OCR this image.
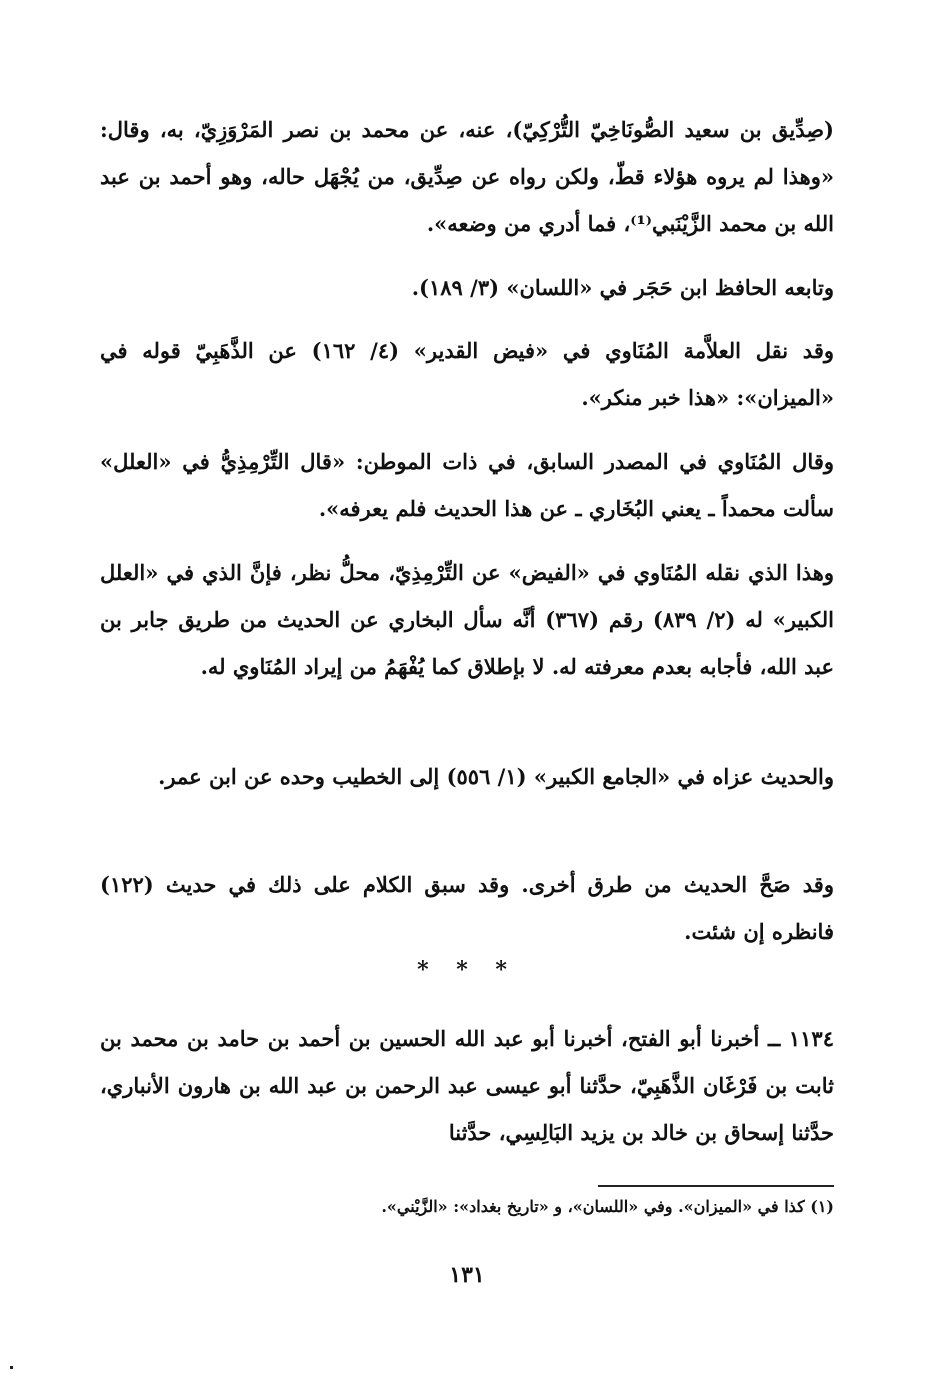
(صِدِّيق بن سعيد الصُّونَاخِيّ التُّرْكِيّ)، عنه، عن محمد بن نصر المَرْوَزِيّ، به، وقال: «وهذا لم يروه هؤلاء قطّ، ولكن رواه عن صِدِّيق، من يُجْهَل حاله، وهو أحمد بن عبد الله بن محمد الزَّيْنَبي⁽¹⁾، فما أدري من وضعه».

وتابعه الحافظ ابن حَجَر في «اللسان» (٣/ ١٨٩).

وقد نقل العلاَّمة المُنَاوي في «فيض القدير» (٤/ ١٦٢) عن الذَّهَبِيّ قوله في «الميزان»: «هذا خبر منكر».

وقال المُنَاوي في المصدر السابق، في ذات الموطن: «قال التِّرْمِذِيُّ في «العلل» سألت محمداً ـ يعني البُخَاري ـ عن هذا الحديث فلم يعرفه».

وهذا الذي نقله المُنَاوي في «الفيض» عن التِّرْمِذِيّ، محلُّ نظر، فإنَّ الذي في «العلل الكبير» له (٢/ ٨٣٩) رقم (٣٦٧) أنَّه سأل البخاري عن الحديث من طريق جابر بن عبد الله، فأجابه بعدم معرفته له. لا بإطلاق كما يُفْهَمُ من إيراد المُنَاوي له.

والحديث عزاه في «الجامع الكبير» (١/ ٥٥٦) إلى الخطيب وحده عن ابن عمر.

وقد صَحَّ الحديث من طرق أخرى. وقد سبق الكلام على ذلك في حديث (١٢٢) فانظره إن شئت.

* * *

١١٣٤ ــ أخبرنا أبو الفتح، أخبرنا أبو عبد الله الحسين بن أحمد بن حامد بن محمد بن ثابت بن فَرْغَان الذَّهَبِيّ، حدَّثنا أبو عيسى عبد الرحمن بن عبد الله بن هارون الأنباري، حدَّثنا إسحاق بن خالد بن يزيد البَالِسِي، حدَّثنا

(١) كذا في «الميزان». وفي «اللسان»، و «تاريخ بغداد»: «الزَّيْني».
١٣١
